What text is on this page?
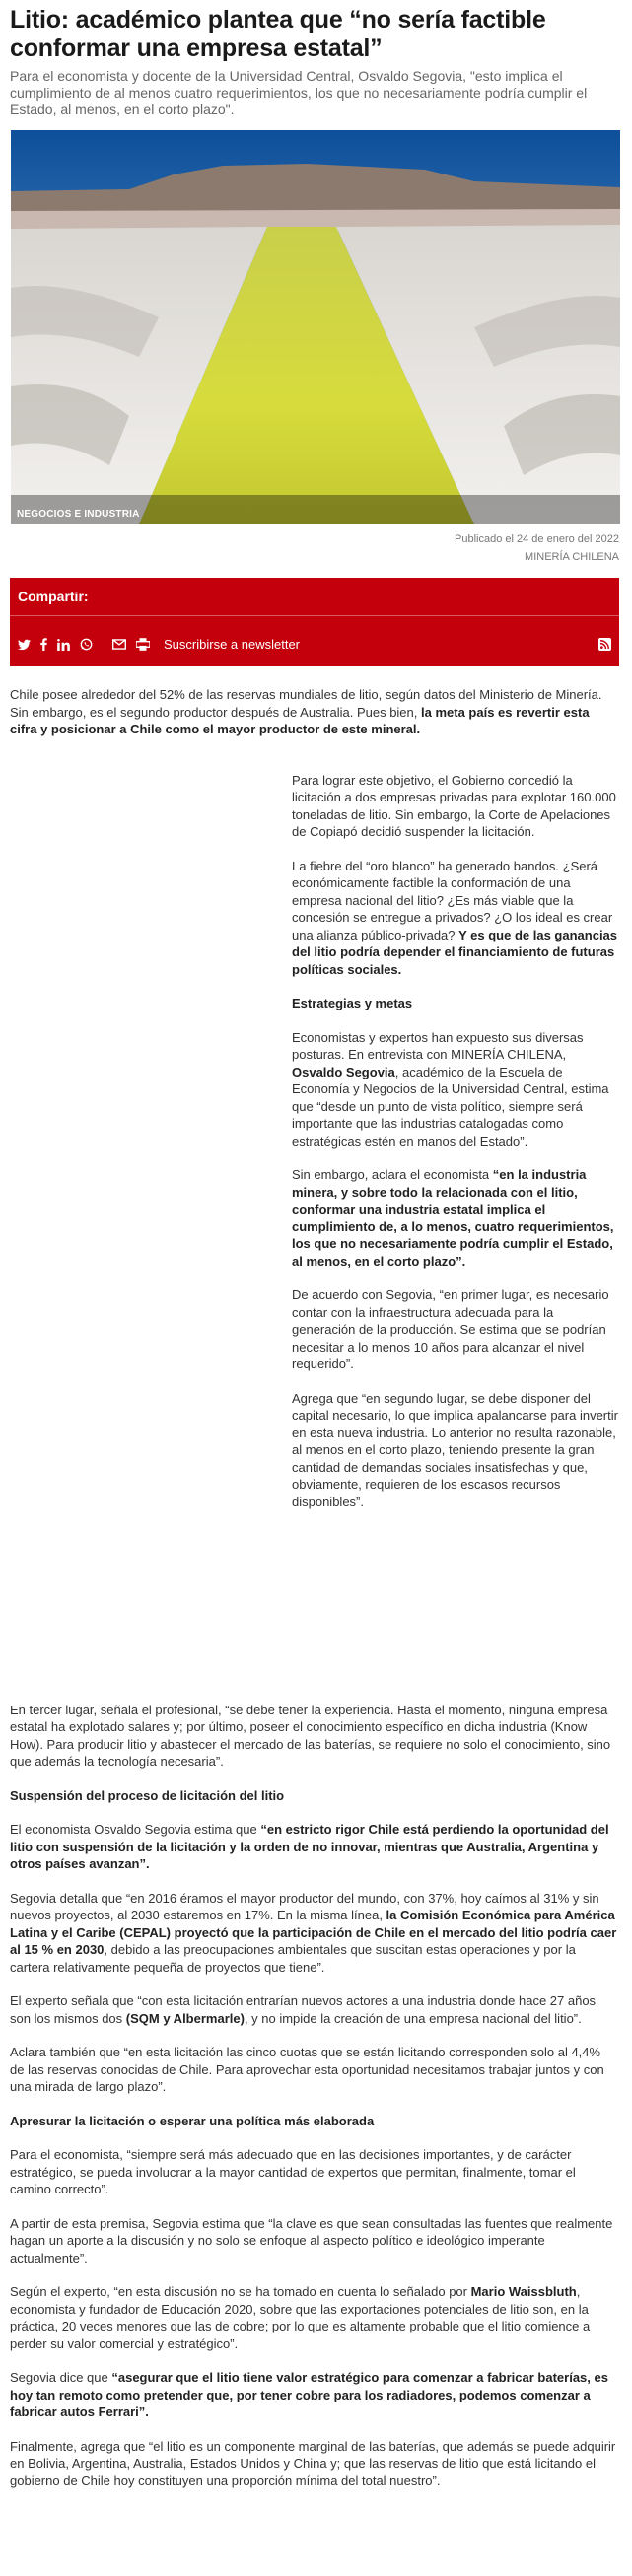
Litio: académico plantea que “no sería factible conformar una empresa estatal”

Para el economista y docente de la Universidad Central, Osvaldo Segovia, "esto implica el cumplimiento de al menos cuatro requerimientos, los que no necesariamente podría cumplir el Estado, al menos, en el corto plazo".

NEGOCIOS E INDUSTRIA
Publicado el 24 de enero del 2022
MINERÍA CHILENA
Compartir:
Suscribirse a newsletter

Chile posee alrededor del 52% de las reservas mundiales de litio, según datos del Ministerio de Minería. Sin embargo, es el segundo productor después de Australia. Pues bien, la meta país es revertir esta cifra y posicionar a Chile como el mayor productor de este mineral.

Para lograr este objetivo, el Gobierno concedió la licitación a dos empresas privadas para explotar 160.000 toneladas de litio. Sin embargo, la Corte de Apelaciones de Copiapó decidió suspender la licitación.

La fiebre del “oro blanco” ha generado bandos. ¿Será económicamente factible la conformación de una empresa nacional del litio? ¿Es más viable que la concesión se entregue a privados? ¿O los ideal es crear una alianza público-privada? Y es que de las ganancias del litio podría depender el financiamiento de futuras políticas sociales.

Estrategias y metas

Economistas y expertos han expuesto sus diversas posturas. En entrevista con MINERÍA CHILENA, Osvaldo Segovia, académico de la Escuela de Economía y Negocios de la Universidad Central, estima que “desde un punto de vista político, siempre será importante que las industrias catalogadas como estratégicas estén en manos del Estado”.

Sin embargo, aclara el economista “en la industria minera, y sobre todo la relacionada con el litio, conformar una industria estatal implica el cumplimiento de, a lo menos, cuatro requerimientos, los que no necesariamente podría cumplir el Estado, al menos, en el corto plazo”.

De acuerdo con Segovia, “en primer lugar, es necesario contar con la infraestructura adecuada para la generación de la producción. Se estima que se podrían necesitar a lo menos 10 años para alcanzar el nivel requerido”.

Agrega que “en segundo lugar, se debe disponer del capital necesario, lo que implica apalancarse para invertir en esta nueva industria. Lo anterior no resulta razonable, al menos en el corto plazo, teniendo presente la gran cantidad de demandas sociales insatisfechas y que, obviamente, requieren de los escasos recursos disponibles”.

En tercer lugar, señala el profesional, “se debe tener la experiencia. Hasta el momento, ninguna empresa estatal ha explotado salares y; por último, poseer el conocimiento específico en dicha industria (Know How). Para producir litio y abastecer el mercado de las baterías, se requiere no solo el conocimiento, sino que además la tecnología necesaria”.

Suspensión del proceso de licitación del litio

El economista Osvaldo Segovia estima que “en estricto rigor Chile está perdiendo la oportunidad del litio con suspensión de la licitación y la orden de no innovar, mientras que Australia, Argentina y otros países avanzan”.

Segovia detalla que “en 2016 éramos el mayor productor del mundo, con 37%, hoy caímos al 31% y sin nuevos proyectos, al 2030 estaremos en 17%. En la misma línea, la Comisión Económica para América Latina y el Caribe (CEPAL) proyectó que la participación de Chile en el mercado del litio podría caer al 15 % en 2030, debido a las preocupaciones ambientales que suscitan estas operaciones y por la cartera relativamente pequeña de proyectos que tiene”.

El experto señala que “con esta licitación entrarían nuevos actores a una industria donde hace 27 años son los mismos dos (SQM y Albermarle), y no impide la creación de una empresa nacional del litio”.

Aclara también que “en esta licitación las cinco cuotas que se están licitando corresponden solo al 4,4% de las reservas conocidas de Chile. Para aprovechar esta oportunidad necesitamos trabajar juntos y con una mirada de largo plazo”.

Apresurar la licitación o esperar una política más elaborada

Para el economista, “siempre será más adecuado que en las decisiones importantes, y de carácter estratégico, se pueda involucrar a la mayor cantidad de expertos que permitan, finalmente, tomar el camino correcto”.

A partir de esta premisa, Segovia estima que “la clave es que sean consultadas las fuentes que realmente hagan un aporte a la discusión y no solo se enfoque al aspecto político e ideológico imperante actualmente”.

Según el experto, “en esta discusión no se ha tomado en cuenta lo señalado por Mario Waissbluth, economista y fundador de Educación 2020, sobre que las exportaciones potenciales de litio son, en la práctica, 20 veces menores que las de cobre; por lo que es altamente probable que el litio comience a perder su valor comercial y estratégico”.

Segovia dice que “asegurar que el litio tiene valor estratégico para comenzar a fabricar baterías, es hoy tan remoto como pretender que, por tener cobre para los radiadores, podemos comenzar a fabricar autos Ferrari”.

Finalmente, agrega que “el litio es un componente marginal de las baterías, que además se puede adquirir en Bolivia, Argentina, Australia, Estados Unidos y China y; que las reservas de litio que está licitando el gobierno de Chile hoy constituyen una proporción mínima del total nuestro”.
